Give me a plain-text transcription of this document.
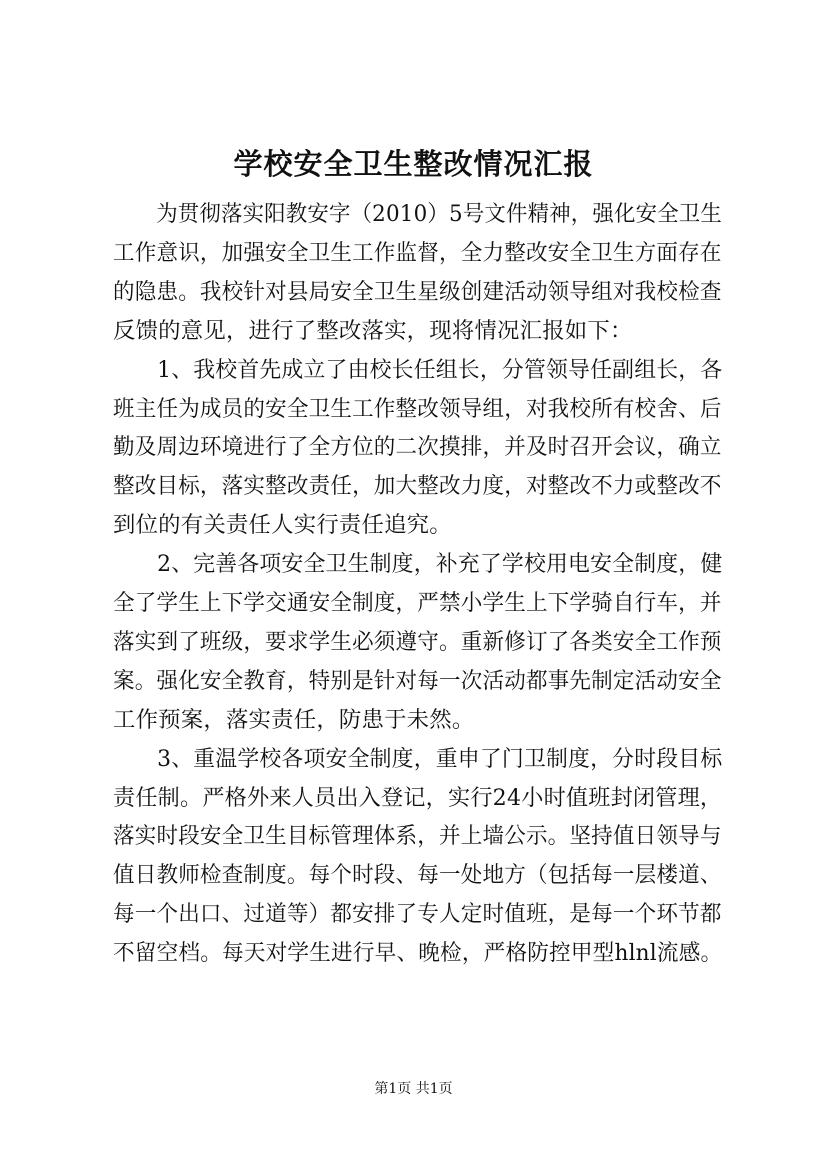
学校安全卫生整改情况汇报
　　为贯彻落实阳教安字（2010）5号文件精神，强化安全卫生
工作意识，加强安全卫生工作监督，全力整改安全卫生方面存在
的隐患。我校针对县局安全卫生星级创建活动领导组对我校检查
反馈的意见，进行了整改落实，现将情况汇报如下：
　　1、我校首先成立了由校长任组长，分管领导任副组长，各
班主任为成员的安全卫生工作整改领导组，对我校所有校舍、后
勤及周边环境进行了全方位的二次摸排，并及时召开会议，确立
整改目标，落实整改责任，加大整改力度，对整改不力或整改不
到位的有关责任人实行责任追究。
　　2、完善各项安全卫生制度，补充了学校用电安全制度，健
全了学生上下学交通安全制度，严禁小学生上下学骑自行车，并
落实到了班级，要求学生必须遵守。重新修订了各类安全工作预
案。强化安全教育，特别是针对每一次活动都事先制定活动安全
工作预案，落实责任，防患于未然。
　　3、重温学校各项安全制度，重申了门卫制度，分时段目标
责任制。严格外来人员出入登记，实行24小时值班封闭管理，
落实时段安全卫生目标管理体系，并上墙公示。坚持值日领导与
值日教师检查制度。每个时段、每一处地方（包括每一层楼道、
每一个出口、过道等）都安排了专人定时值班，是每一个环节都
不留空档。每天对学生进行早、晚检，严格防控甲型hlnl流感。
第1页 共1页
